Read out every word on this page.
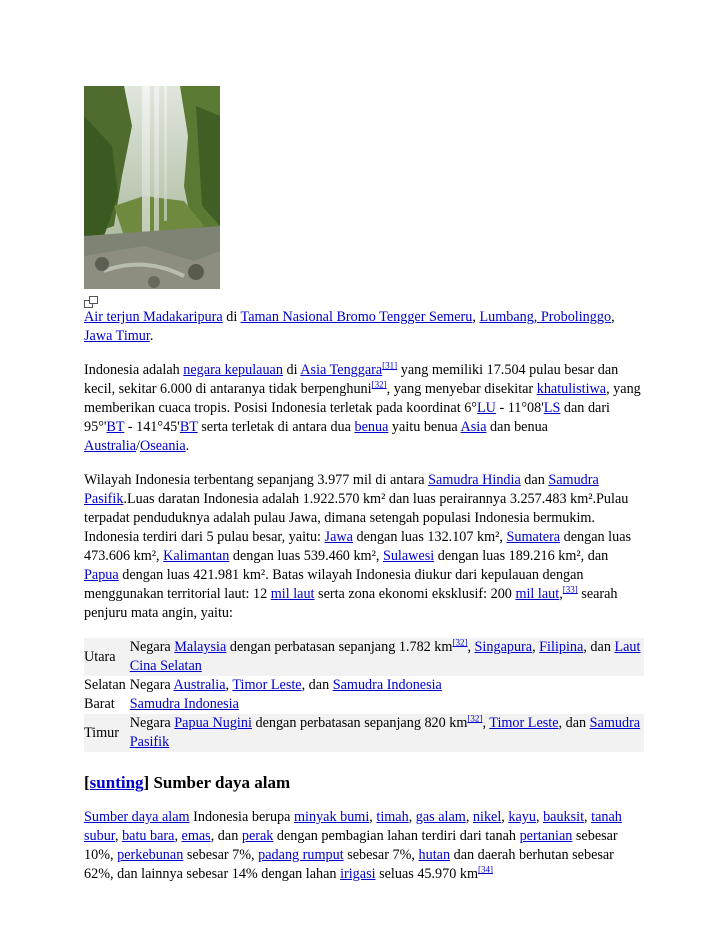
Air terjun Madakaripura di Taman Nasional Bromo Tengger Semeru, Lumbang, Probolinggo, Jawa Timur.

Indonesia adalah negara kepulauan di Asia Tenggara[31] yang memiliki 17.504 pulau besar dan kecil, sekitar 6.000 di antaranya tidak berpenghuni[32], yang menyebar disekitar khatulistiwa, yang memberikan cuaca tropis. Posisi Indonesia terletak pada koordinat 6°LU - 11°08'LS dan dari 95°'BT - 141°45'BT serta terletak di antara dua benua yaitu benua Asia dan benua Australia/Oseania.

Wilayah Indonesia terbentang sepanjang 3.977 mil di antara Samudra Hindia dan Samudra Pasifik.Luas daratan Indonesia adalah 1.922.570 km² dan luas perairannya 3.257.483 km².Pulau terpadat penduduknya adalah pulau Jawa, dimana setengah populasi Indonesia bermukim. Indonesia terdiri dari 5 pulau besar, yaitu: Jawa dengan luas 132.107 km², Sumatera dengan luas 473.606 km², Kalimantan dengan luas 539.460 km², Sulawesi dengan luas 189.216 km², dan Papua dengan luas 421.981 km². Batas wilayah Indonesia diukur dari kepulauan dengan menggunakan territorial laut: 12 mil laut serta zona ekonomi eksklusif: 200 mil laut,[33] searah penjuru mata angin, yaitu:

Utara	Negara Malaysia dengan perbatasan sepanjang 1.782 km[32], Singapura, Filipina, dan Laut Cina Selatan
Selatan	Negara Australia, Timor Leste, dan Samudra Indonesia
Barat	Samudra Indonesia
Timur	Negara Papua Nugini dengan perbatasan sepanjang 820 km[32], Timor Leste, dan Samudra Pasifik
[sunting] Sumber daya alam

Sumber daya alam Indonesia berupa minyak bumi, timah, gas alam, nikel, kayu, bauksit, tanah subur, batu bara, emas, dan perak dengan pembagian lahan terdiri dari tanah pertanian sebesar 10%, perkebunan sebesar 7%, padang rumput sebesar 7%, hutan dan daerah berhutan sebesar 62%, dan lainnya sebesar 14% dengan lahan irigasi seluas 45.970 km[34]
